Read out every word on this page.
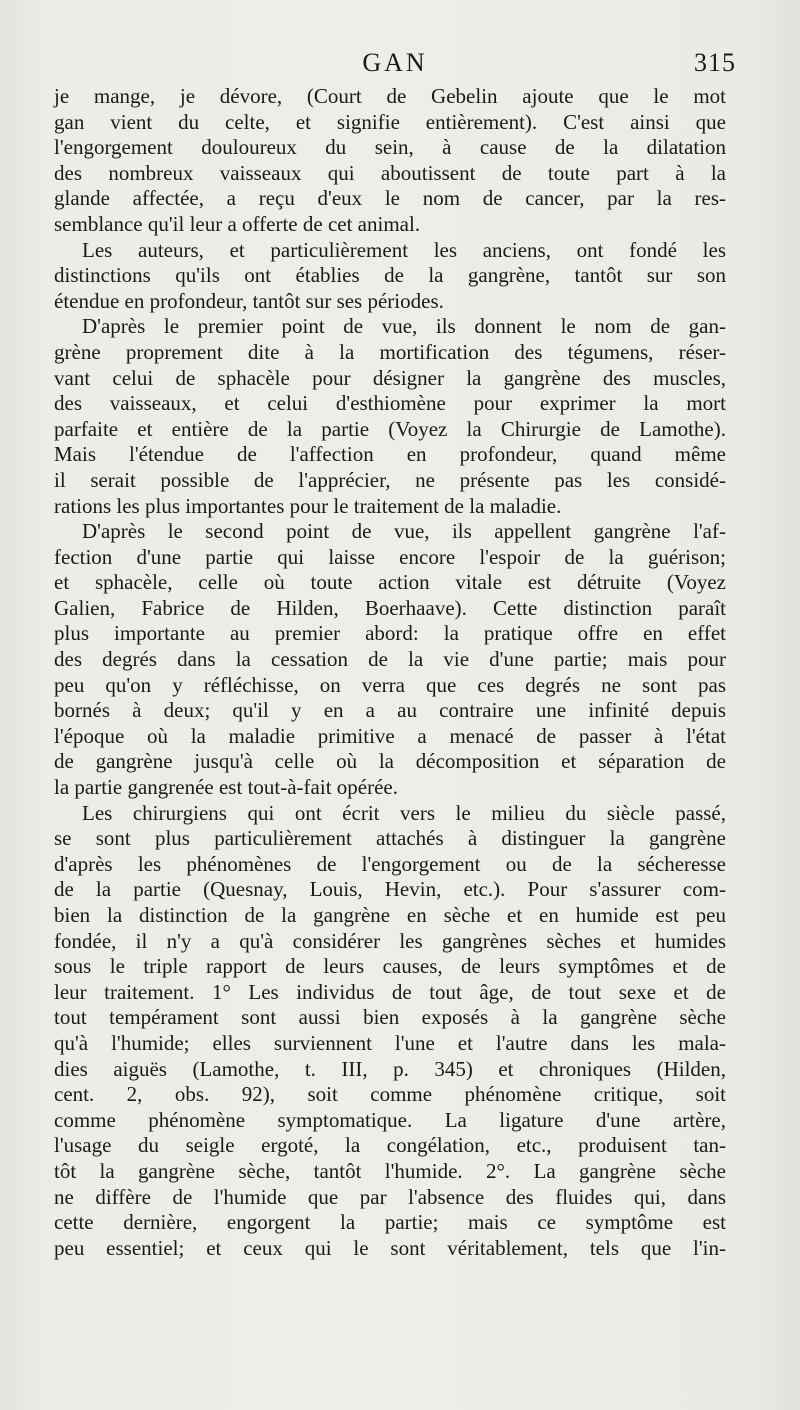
GAN	315
je mange, je dévore, (Court de Gebelin ajoute que le mot
gan vient du celte, et signifie entièrement). C'est ainsi que
l'engorgement douloureux du sein, à cause de la dilatation
des nombreux vaisseaux qui aboutissent de toute part à la
glande affectée, a reçu d'eux le nom de cancer, par la res-
semblance qu'il leur a offerte de cet animal.
Les auteurs, et particulièrement les anciens, ont fondé les
distinctions qu'ils ont établies de la gangrène, tantôt sur son
étendue en profondeur, tantôt sur ses périodes.
D'après le premier point de vue, ils donnent le nom de gan-
grène proprement dite à la mortification des tégumens, réser-
vant celui de sphacèle pour désigner la gangrène des muscles,
des vaisseaux, et celui d'esthiomène pour exprimer la mort
parfaite et entière de la partie (Voyez la Chirurgie de Lamothe).
Mais l'étendue de l'affection en profondeur, quand même
il serait possible de l'apprécier, ne présente pas les considé-
rations les plus importantes pour le traitement de la maladie.
D'après le second point de vue, ils appellent gangrène l'af-
fection d'une partie qui laisse encore l'espoir de la guérison;
et sphacèle, celle où toute action vitale est détruite (Voyez
Galien, Fabrice de Hilden, Boerhaave). Cette distinction paraît
plus importante au premier abord: la pratique offre en effet
des degrés dans la cessation de la vie d'une partie; mais pour
peu qu'on y réfléchisse, on verra que ces degrés ne sont pas
bornés à deux; qu'il y en a au contraire une infinité depuis
l'époque où la maladie primitive a menacé de passer à l'état
de gangrène jusqu'à celle où la décomposition et séparation de
la partie gangrenée est tout-à-fait opérée.
Les chirurgiens qui ont écrit vers le milieu du siècle passé,
se sont plus particulièrement attachés à distinguer la gangrène
d'après les phénomènes de l'engorgement ou de la sécheresse
de la partie (Quesnay, Louis, Hevin, etc.). Pour s'assurer com-
bien la distinction de la gangrène en sèche et en humide est peu
fondée, il n'y a qu'à considérer les gangrènes sèches et humides
sous le triple rapport de leurs causes, de leurs symptômes et de
leur traitement. 1° Les individus de tout âge, de tout sexe et de
tout tempérament sont aussi bien exposés à la gangrène sèche
qu'à l'humide; elles surviennent l'une et l'autre dans les mala-
dies aiguës (Lamothe, t. III, p. 345) et chroniques (Hilden,
cent. 2, obs. 92), soit comme phénomène critique, soit
comme phénomène symptomatique. La ligature d'une artère,
l'usage du seigle ergoté, la congélation, etc., produisent tan-
tôt la gangrène sèche, tantôt l'humide. 2°. La gangrène sèche
ne diffère de l'humide que par l'absence des fluides qui, dans
cette dernière, engorgent la partie; mais ce symptôme est
peu essentiel; et ceux qui le sont véritablement, tels que l'in-
